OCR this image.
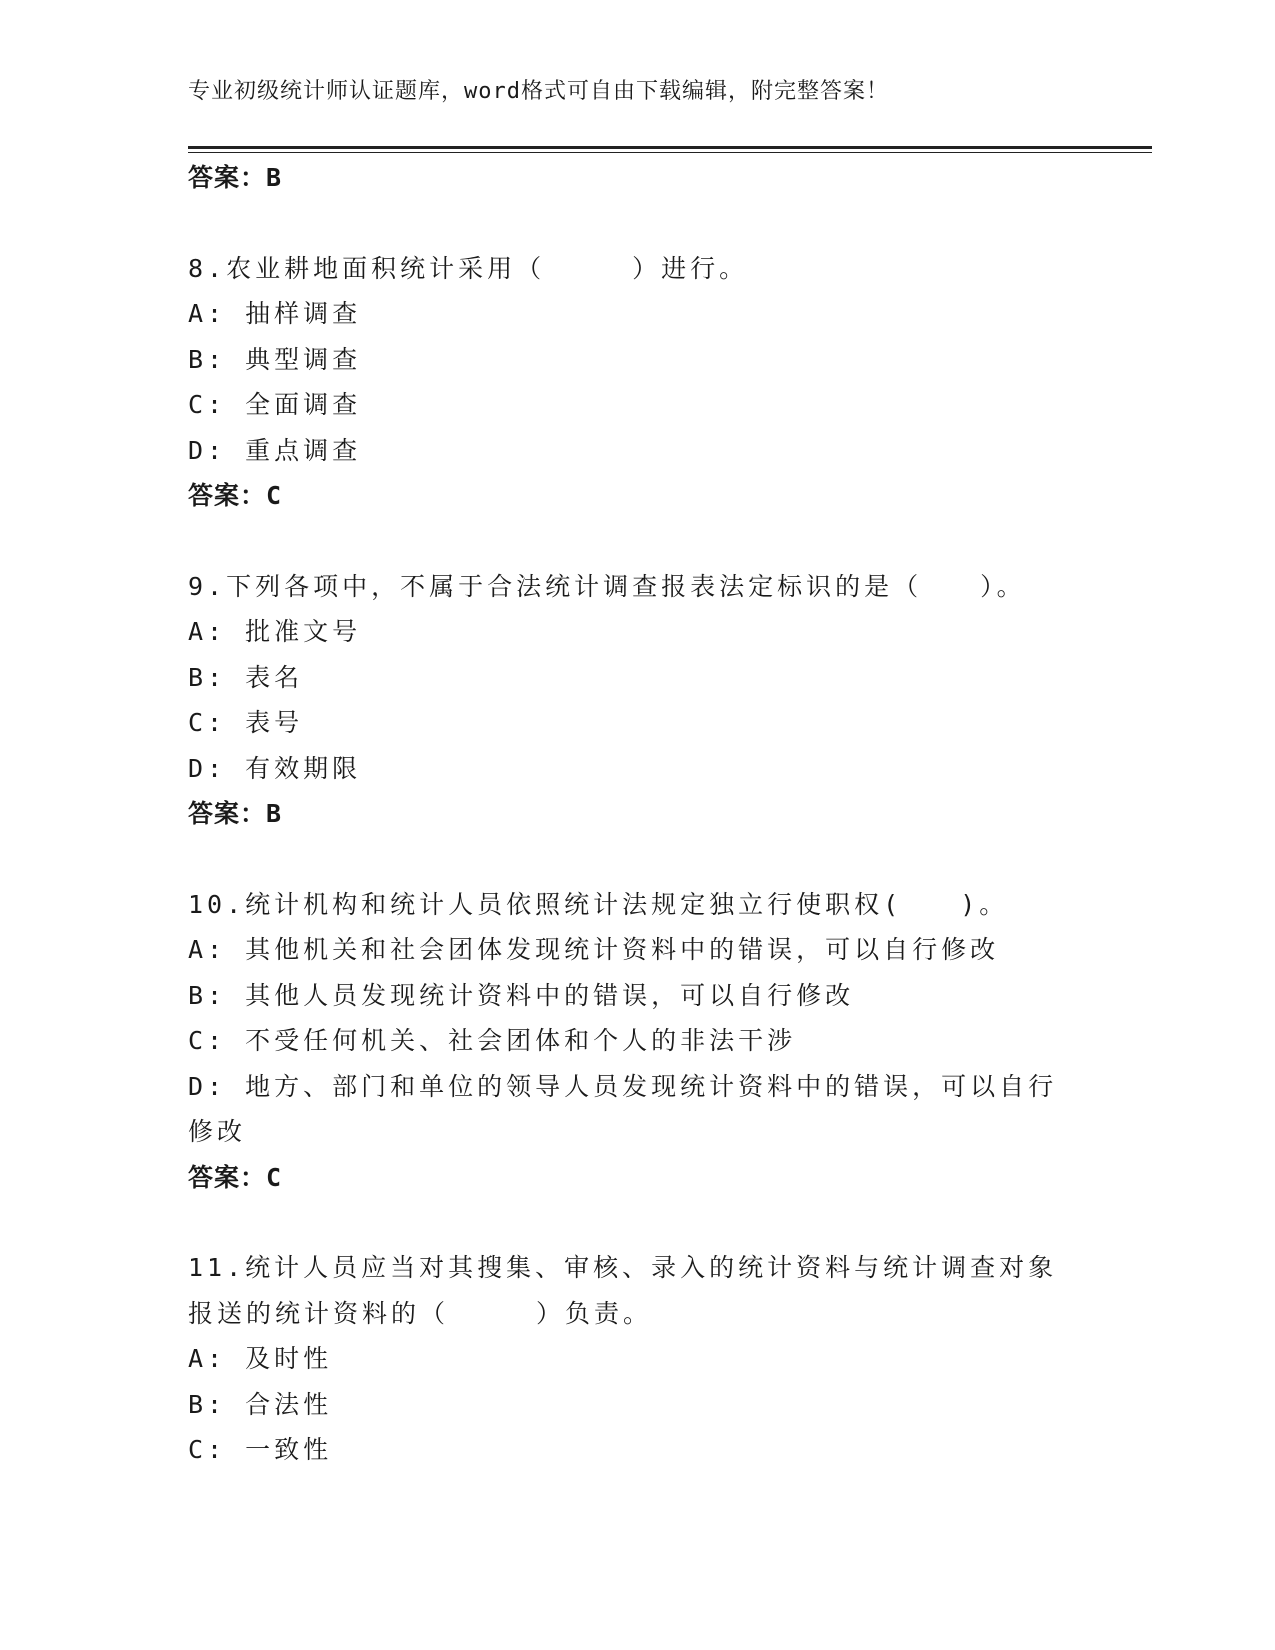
专业初级统计师认证题库，word格式可自由下载编辑，附完整答案！

答案：B

8.农业耕地面积统计采用（　　　）进行。

A: 抽样调查

B: 典型调查

C: 全面调查

D: 重点调查

答案：C

9.下列各项中，不属于合法统计调查报表法定标识的是（　　）。

A: 批准文号

B: 表名

C: 表号

D: 有效期限

答案：B

10.统计机构和统计人员依照统计法规定独立行使职权(　　)。

A: 其他机关和社会团体发现统计资料中的错误，可以自行修改

B: 其他人员发现统计资料中的错误，可以自行修改

C: 不受任何机关、社会团体和个人的非法干涉

D: 地方、部门和单位的领导人员发现统计资料中的错误，可以自行修改

答案：C

11.统计人员应当对其搜集、审核、录入的统计资料与统计调查对象报送的统计资料的（　　　）负责。

A: 及时性

B: 合法性

C: 一致性
